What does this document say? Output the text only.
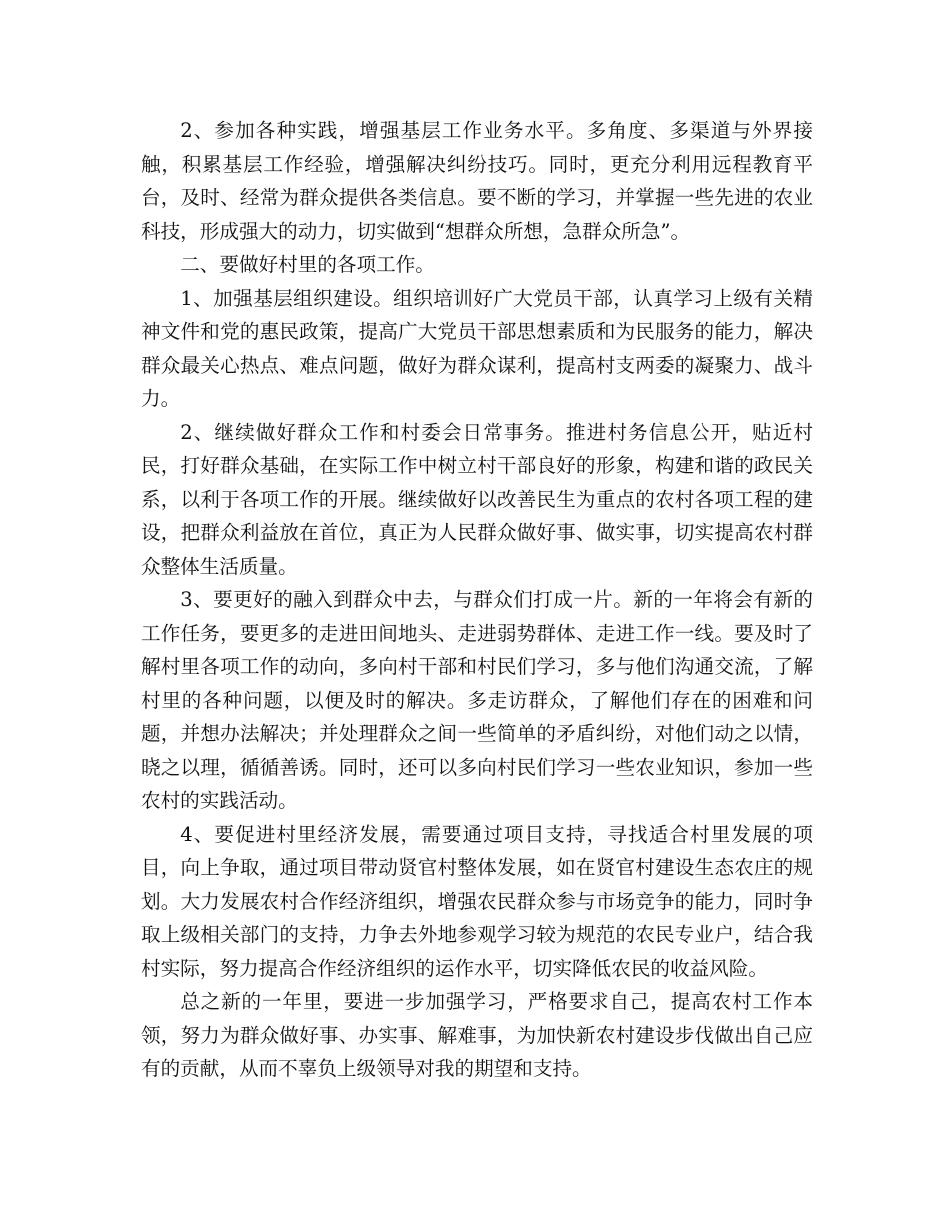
2、参加各种实践，增强基层工作业务水平。多角度、多渠道与外界接触，积累基层工作经验，增强解决纠纷技巧。同时，更充分利用远程教育平台，及时、经常为群众提供各类信息。要不断的学习，并掌握一些先进的农业科技，形成强大的动力，切实做到“想群众所想，急群众所急”。

二、要做好村里的各项工作。

1、加强基层组织建设。组织培训好广大党员干部，认真学习上级有关精神文件和党的惠民政策，提高广大党员干部思想素质和为民服务的能力，解决群众最关心热点、难点问题，做好为群众谋利，提高村支两委的凝聚力、战斗力。

2、继续做好群众工作和村委会日常事务。推进村务信息公开，贴近村民，打好群众基础，在实际工作中树立村干部良好的形象，构建和谐的政民关系，以利于各项工作的开展。继续做好以改善民生为重点的农村各项工程的建设，把群众利益放在首位，真正为人民群众做好事、做实事，切实提高农村群众整体生活质量。

3、要更好的融入到群众中去，与群众们打成一片。新的一年将会有新的工作任务，要更多的走进田间地头、走进弱势群体、走进工作一线。要及时了解村里各项工作的动向，多向村干部和村民们学习，多与他们沟通交流，了解村里的各种问题，以便及时的解决。多走访群众，了解他们存在的困难和问题，并想办法解决；并处理群众之间一些简单的矛盾纠纷，对他们动之以情，晓之以理，循循善诱。同时，还可以多向村民们学习一些农业知识，参加一些农村的实践活动。

4、要促进村里经济发展，需要通过项目支持，寻找适合村里发展的项目，向上争取，通过项目带动贤官村整体发展，如在贤官村建设生态农庄的规划。大力发展农村合作经济组织，增强农民群众参与市场竞争的能力，同时争取上级相关部门的支持，力争去外地参观学习较为规范的农民专业户，结合我村实际，努力提高合作经济组织的运作水平，切实降低农民的收益风险。

总之新的一年里，要进一步加强学习，严格要求自己，提高农村工作本领，努力为群众做好事、办实事、解难事，为加快新农村建设步伐做出自己应有的贡献，从而不辜负上级领导对我的期望和支持。
